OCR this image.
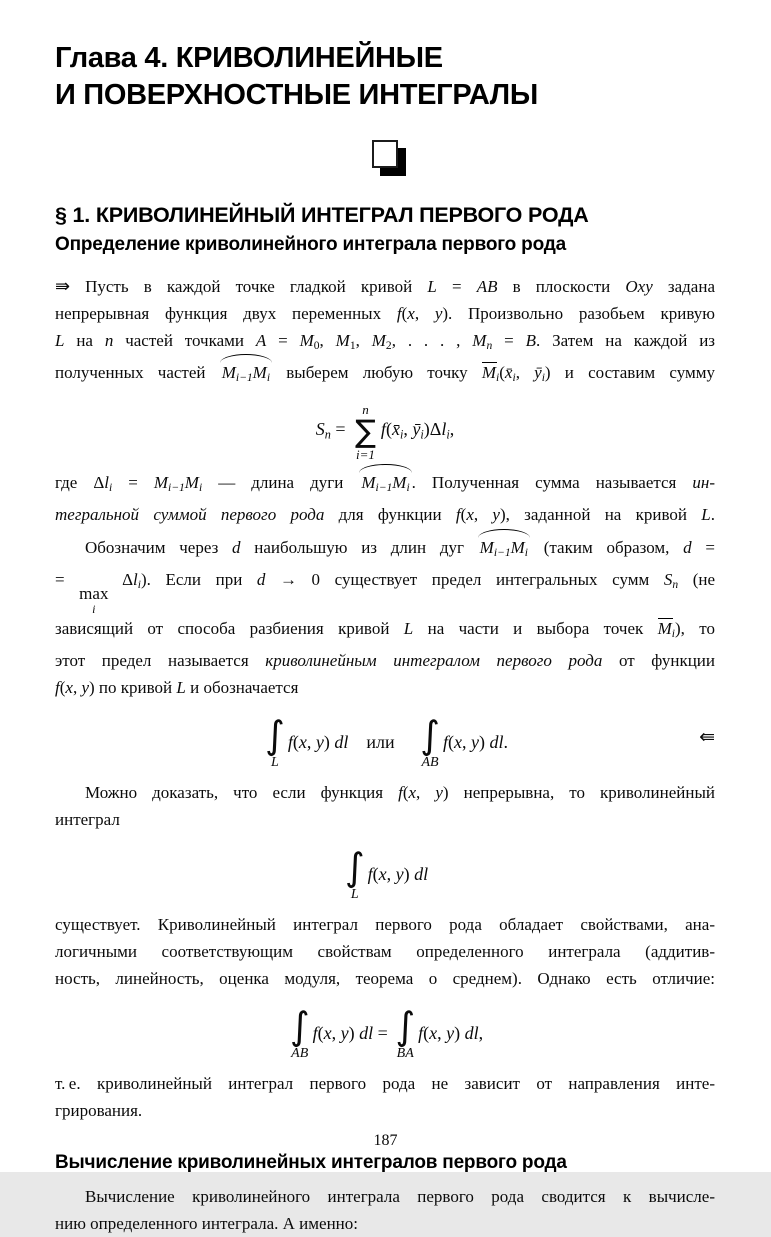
Глава 4. КРИВОЛИНЕЙНЫЕ
И ПОВЕРХНОСТНЫЕ ИНТЕГРАЛЫ
§ 1. КРИВОЛИНЕЙНЫЙ ИНТЕГРАЛ ПЕРВОГО РОДА
Определение криволинейного интеграла первого рода
⇛ Пусть в каждой точке гладкой кривой L = AB в плоскости Oxy задана
непрерывная функция двух переменных f(x, y). Произвольно разобьем кривую
L на n частей точками A = M0, M1, M2, . . . , Mn = B. Затем на каждой из
полученных частей Mi−1Mi выберем любую точку Mi(x̄i, ȳi) и составим сумму
Sn =
n
∑
i=1
f(x̄i, ȳi)Δli,
где Δli = Mi−1Mi — длина дуги Mi−1Mi . Полученная сумма называется ин-
тегральной суммой первого рода для функции f(x, y), заданной на кривой L.
Обозначим через d наибольшую из длин дуг Mi−1Mi (таким образом, d =
=
max
i
Δli). Если при d → 0 существует предел интегральных сумм Sn (не
зависящий от способа разбиения кривой L на части и выбора точек Mi), то
этот предел называется криволинейным интегралом первого рода от функции
f(x, y) по кривой L и обозначается
⇚
∫
L
f(x, y) dl или ∫
AB
f(x, y) dl.
Можно доказать, что если функция f(x, y) непрерывна, то криволинейный
интеграл
∫
L
f(x, y) dl
существует. Криволинейный интеграл первого рода обладает свойствами, ана-
логичными соответствующим свойствам определенного интеграла (аддитив-
ность, линейность, оценка модуля, теорема о среднем). Однако есть отличие:
∫
AB
f(x, y) dl = ∫
BA
f(x, y) dl,
т. е. криволинейный интеграл первого рода не зависит от направления инте-
грирования.
Вычисление криволинейных интегралов первого рода
Вычисление криволинейного интеграла первого рода сводится к вычисле-
нию определенного интеграла. А именно:
187
